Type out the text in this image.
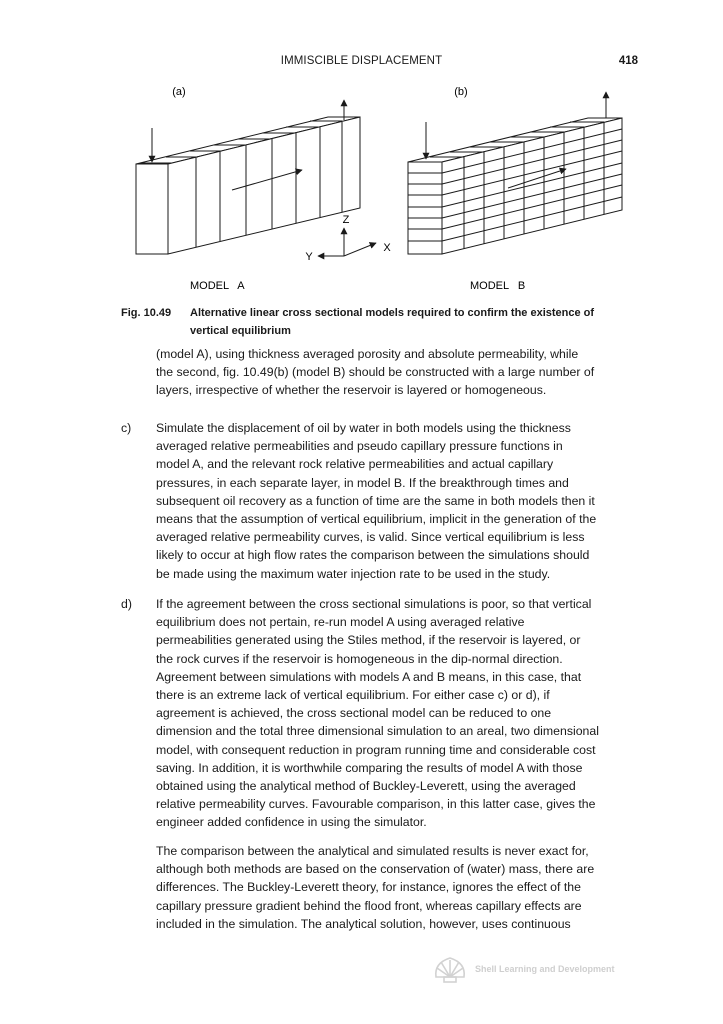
IMMISCIBLE DISPLACEMENT	418
(a)	(b)
Z
Y
X
MODEL   A	MODEL   B
Fig. 10.49 Alternative linear cross sectional models required to confirm the existence of
vertical equilibrium
(model A), using thickness averaged porosity and absolute permeability, while
the second, fig. 10.49(b) (model B) should be constructed with a large number of
layers, irrespective of whether the reservoir is layered or homogeneous.
c) Simulate the displacement of oil by water in both models using the thickness
averaged relative permeabilities and pseudo capillary pressure functions in
model A, and the relevant rock relative permeabilities and actual capillary
pressures, in each separate layer, in model B. If the breakthrough times and
subsequent oil recovery as a function of time are the same in both models then it
means that the assumption of vertical equilibrium, implicit in the generation of the
averaged relative permeability curves, is valid. Since vertical equilibrium is less
likely to occur at high flow rates the comparison between the simulations should
be made using the maximum water injection rate to be used in the study.
d) If the agreement between the cross sectional simulations is poor, so that vertical
equilibrium does not pertain, re-run model A using averaged relative
permeabilities generated using the Stiles method, if the reservoir is layered, or
the rock curves if the reservoir is homogeneous in the dip-normal direction.
Agreement between simulations with models A and B means, in this case, that
there is an extreme lack of vertical equilibrium. For either case c) or d), if
agreement is achieved, the cross sectional model can be reduced to one
dimension and the total three dimensional simulation to an areal, two dimensional
model, with consequent reduction in program running time and considerable cost
saving. In addition, it is worthwhile comparing the results of model A with those
obtained using the analytical method of Buckley-Leverett, using the averaged
relative permeability curves. Favourable comparison, in this latter case, gives the
engineer added confidence in using the simulator.
The comparison between the analytical and simulated results is never exact for,
although both methods are based on the conservation of (water) mass, there are
differences. The Buckley-Leverett theory, for instance, ignores the effect of the
capillary pressure gradient behind the flood front, whereas capillary effects are
included in the simulation. The analytical solution, however, uses continuous
Shell Learning and Development
